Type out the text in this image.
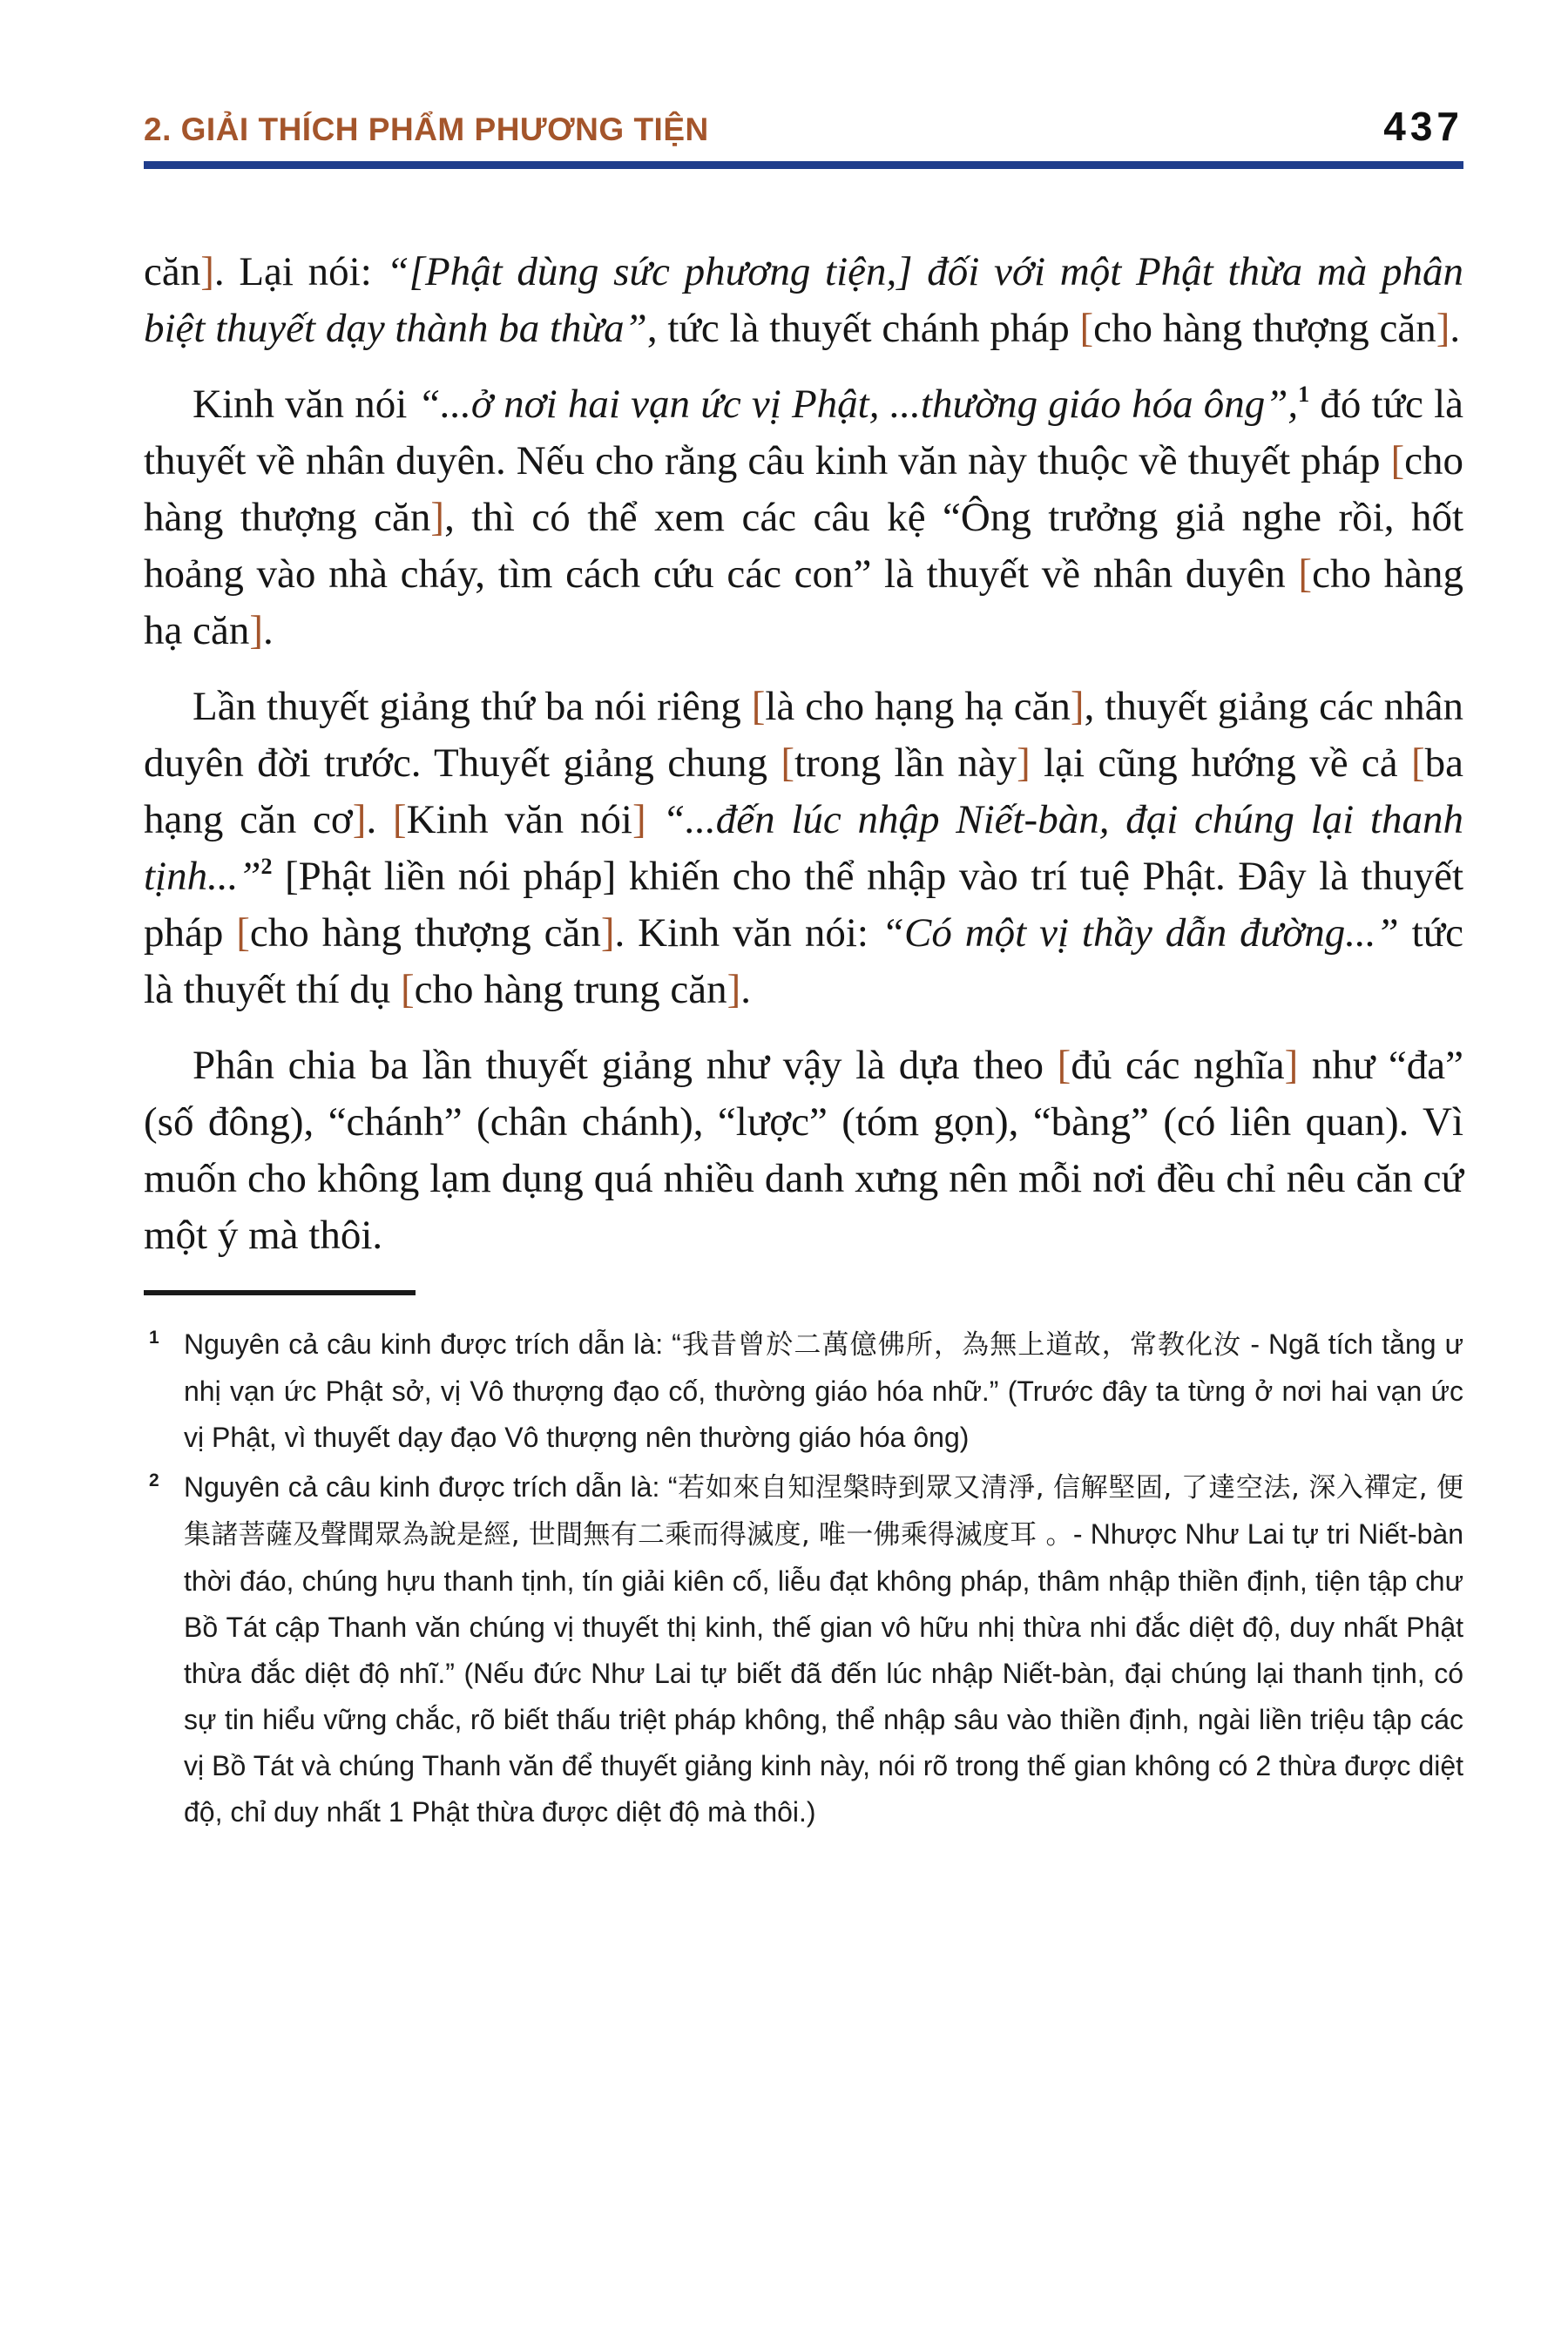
2. GIẢI THÍCH PHẨM PHƯƠNG TIỆN	437

căn]. Lại nói: “[Phật dùng sức phương tiện,] đối với một Phật thừa mà phân biệt thuyết dạy thành ba thừa”, tức là thuyết chánh pháp [cho hàng thượng căn].

Kinh văn nói “...ở nơi hai vạn ức vị Phật, ...thường giáo hóa ông”,$^1$ đó tức là thuyết về nhân duyên. Nếu cho rằng câu kinh văn này thuộc về thuyết pháp [cho hàng thượng căn], thì có thể xem các câu kệ “Ông trưởng giả nghe rồi, hốt hoảng vào nhà cháy, tìm cách cứu các con” là thuyết về nhân duyên [cho hàng hạ căn].

Lần thuyết giảng thứ ba nói riêng [là cho hạng hạ căn], thuyết giảng các nhân duyên đời trước. Thuyết giảng chung [trong lần này] lại cũng hướng về cả [ba hạng căn cơ]. [Kinh văn nói] “...đến lúc nhập Niết-bàn, đại chúng lại thanh tịnh...”$^2$ [Phật liền nói pháp] khiến cho thể nhập vào trí tuệ Phật. Đây là thuyết pháp [cho hàng thượng căn]. Kinh văn nói: “Có một vị thầy dẫn đường...” tức là thuyết thí dụ [cho hàng trung căn].

Phân chia ba lần thuyết giảng như vậy là dựa theo [đủ các nghĩa] như “đa” (số đông), “chánh” (chân chánh), “lược” (tóm gọn), “bàng” (có liên quan). Vì muốn cho không lạm dụng quá nhiều danh xưng nên mỗi nơi đều chỉ nêu căn cứ một ý mà thôi.

1 Nguyên cả câu kinh được trích dẫn là: “我昔曾於二萬億佛所，為無上道故，常教化汝 - Ngã tích tằng ư nhị vạn ức Phật sở, vị Vô thượng đạo cố, thường giáo hóa nhữ.” (Trước đây ta từng ở nơi hai vạn ức vị Phật, vì thuyết dạy đạo Vô thượng nên thường giáo hóa ông)
2 Nguyên cả câu kinh được trích dẫn là: “若如來自知涅槃時到眾又清淨, 信解堅固, 了達空法, 深入禪定, 便集諸菩薩及聲聞眾為說是經, 世間無有二乘而得滅度, 唯一佛乘得滅度耳 。- Nhược Như Lai tự tri Niết-bàn thời đáo, chúng hựu thanh tịnh, tín giải kiên cố, liễu đạt không pháp, thâm nhập thiền định, tiện tập chư Bồ Tát cập Thanh văn chúng vị thuyết thị kinh, thế gian vô hữu nhị thừa nhi đắc diệt độ, duy nhất Phật thừa đắc diệt độ nhĩ.” (Nếu đức Như Lai tự biết đã đến lúc nhập Niết-bàn, đại chúng lại thanh tịnh, có sự tin hiểu vững chắc, rõ biết thấu triệt pháp không, thể nhập sâu vào thiền định, ngài liền triệu tập các vị Bồ Tát và chúng Thanh văn để thuyết giảng kinh này, nói rõ trong thế gian không có 2 thừa được diệt độ, chỉ duy nhất 1 Phật thừa được diệt độ mà thôi.)
